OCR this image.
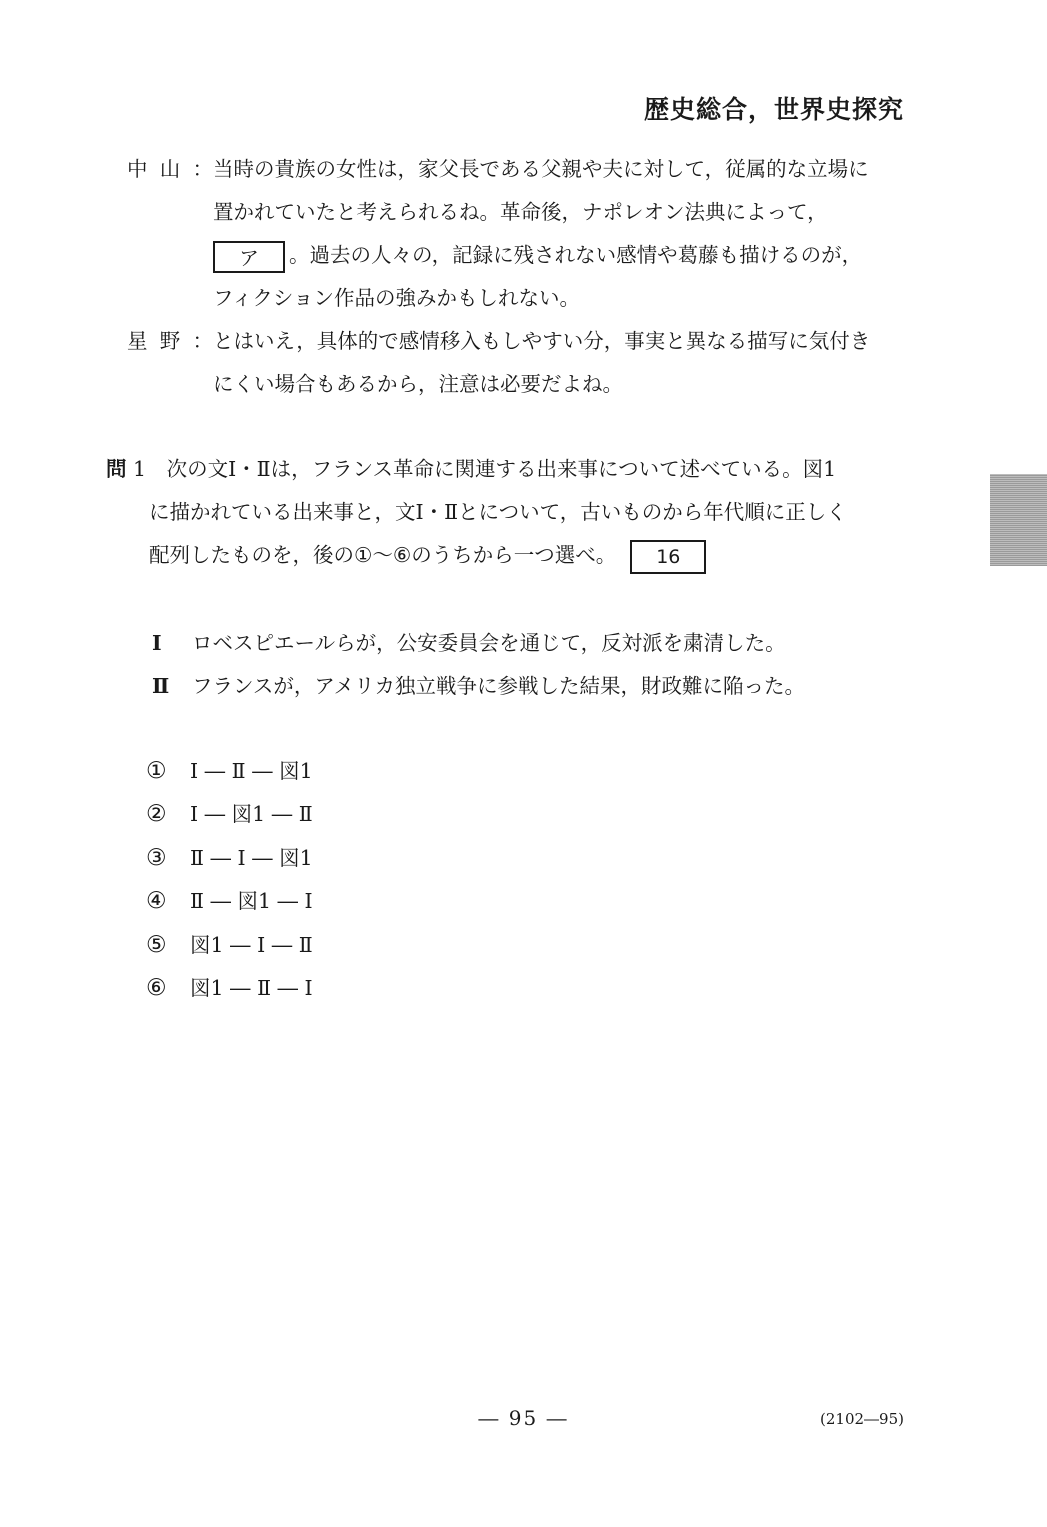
歴史総合，世界史探究
中 山 ： 当時の貴族の女性は，家父長である父親や夫に対して，従属的な立場に
置かれていたと考えられるね。革命後，ナポレオン法典によって，
ア 。過去の人々の，記録に残されない感情や葛藤も描けるのが，
フィクション作品の強みかもしれない。
星 野 ： とはいえ，具体的で感情移入もしやすい分，事実と異なる描写に気付き
にくい場合もあるから，注意は必要だよね。
問 1　 次の文Ⅰ・Ⅱは，フランス革命に関連する出来事について述べている。図1
に描かれている出来事と，文Ⅰ・Ⅱとについて，古いものから年代順に正しく
配列したものを，後の①～⑥のうちから一つ選べ。 16
Ⅰ	ロベスピエールらが，公安委員会を通じて，反対派を粛清した。
Ⅱ	フランスが，アメリカ独立戦争に参戦した結果，財政難に陥った。
①	Ⅰ ― Ⅱ ― 図1
②	Ⅰ ― 図1 ― Ⅱ
③	Ⅱ ― Ⅰ ― 図1
④	Ⅱ ― 図1 ― Ⅰ
⑤	図1 ― Ⅰ ― Ⅱ
⑥	図1 ― Ⅱ ― Ⅰ
― 95 ―	(2102―95)
